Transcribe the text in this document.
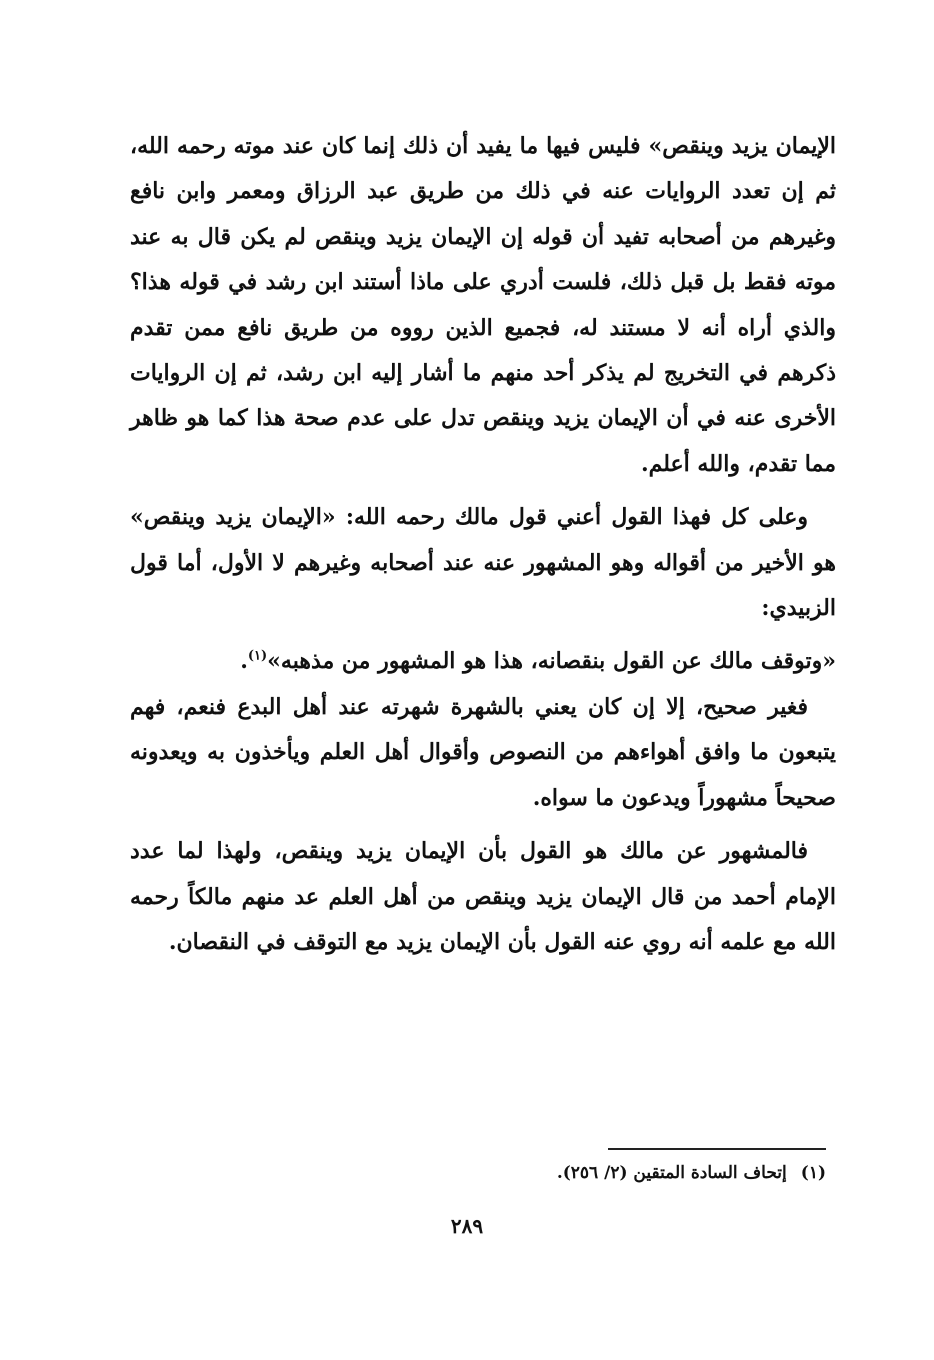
الإيمان يزيد وينقص» فليس فيها ما يفيد أن ذلك إنما كان عند موته رحمه الله، ثم إن تعدد الروايات عنه في ذلك من طريق عبد الرزاق ومعمر وابن نافع وغيرهم من أصحابه تفيد أن قوله إن الإيمان يزيد وينقص لم يكن قال به عند موته فقط بل قبل ذلك، فلست أدري على ماذا أستند ابن رشد في قوله هذا؟ والذي أراه أنه لا مستند له، فجميع الذين رووه من طريق نافع ممن تقدم ذكرهم في التخريج لم يذكر أحد منهم ما أشار إليه ابن رشد، ثم إن الروايات الأخرى عنه في أن الإيمان يزيد وينقص تدل على عدم صحة هذا كما هو ظاهر مما تقدم، والله أعلم.

وعلى كل فهذا القول أعني قول مالك رحمه الله: «الإيمان يزيد وينقص» هو الأخير من أقواله وهو المشهور عنه عند أصحابه وغيرهم لا الأول، أما قول الزبيدي:

«وتوقف مالك عن القول بنقصانه، هذا هو المشهور من مذهبه»$^{(١)}$.

فغير صحيح، إلا إن كان يعني بالشهرة شهرته عند أهل البدع فنعم، فهم يتبعون ما وافق أهواءهم من النصوص وأقوال أهل العلم ويأخذون به ويعدونه صحيحاً مشهوراً ويدعون ما سواه.

فالمشهور عن مالك هو القول بأن الإيمان يزيد وينقص، ولهذا لما عدد الإمام أحمد من قال الإيمان يزيد وينقص من أهل العلم عد منهم مالكاً رحمه الله مع علمه أنه روي عنه القول بأن الإيمان يزيد مع التوقف في النقصان.

(١)إتحاف السادة المتقين (٢/ ٢٥٦).
٢٨٩
